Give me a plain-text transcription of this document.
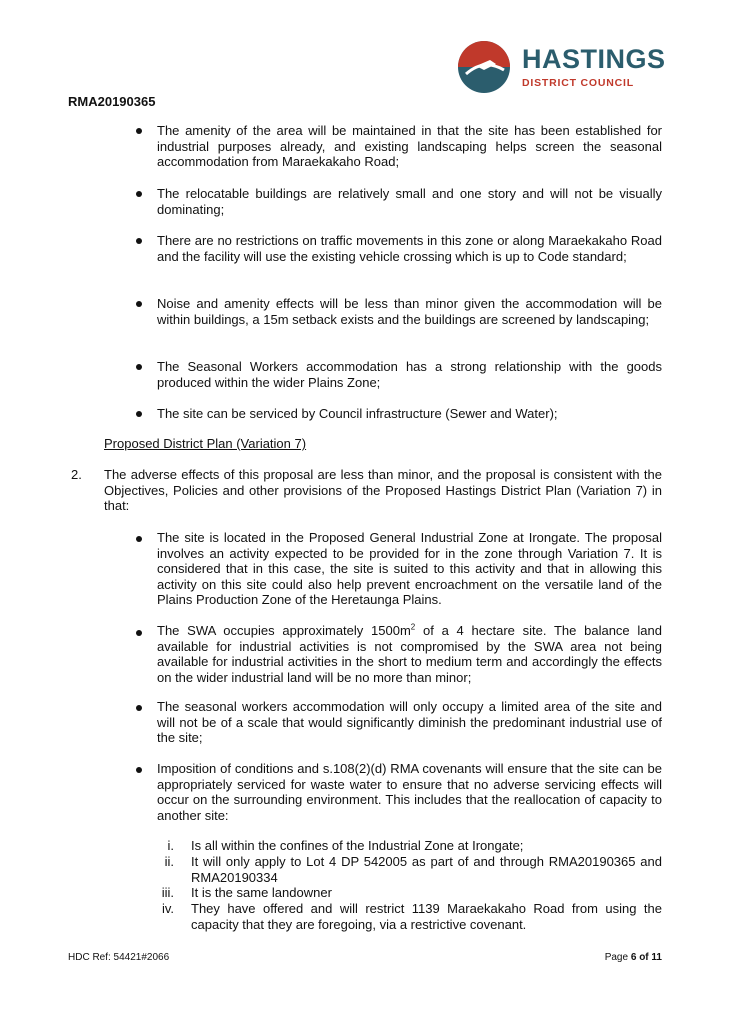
HASTINGS
DISTRICT COUNCIL
RMA20190365
The amenity of the area will be maintained in that the site has been established for industrial purposes already, and existing landscaping helps screen the seasonal accommodation from Maraekakaho Road;
The relocatable buildings are relatively small and one story and will not be visually dominating;
There are no restrictions on traffic movements in this zone or along Maraekakaho Road and the facility will use the existing vehicle crossing which is up to Code standard;
Noise and amenity effects will be less than minor given the accommodation will be within buildings, a 15m setback exists and the buildings are screened by landscaping;
The Seasonal Workers accommodation has a strong relationship with the goods produced within the wider Plains Zone;
The site can be serviced by Council infrastructure (Sewer and Water);
Proposed District Plan (Variation 7)
2. The adverse effects of this proposal are less than minor, and the proposal is consistent with the Objectives, Policies and other provisions of the Proposed Hastings District Plan (Variation 7) in that:
The site is located in the Proposed General Industrial Zone at Irongate. The proposal involves an activity expected to be provided for in the zone through Variation 7. It is considered that in this case, the site is suited to this activity and that in allowing this activity on this site could also help prevent encroachment on the versatile land of the Plains Production Zone of the Heretaunga Plains.
The SWA occupies approximately $1500m^2$ of a 4 hectare site. The balance land available for industrial activities is not compromised by the SWA area not being available for industrial activities in the short to medium term and accordingly the effects on the wider industrial land will be no more than minor;
The seasonal workers accommodation will only occupy a limited area of the site and will not be of a scale that would significantly diminish the predominant industrial use of the site;
Imposition of conditions and s.108(2)(d) RMA covenants will ensure that the site can be appropriately serviced for waste water to ensure that no adverse servicing effects will occur on the surrounding environment. This includes that the reallocation of capacity to another site:
i. Is all within the confines of the Industrial Zone at Irongate;
ii. It will only apply to Lot 4 DP 542005 as part of and through RMA20190365 and RMA20190334
iii. It is the same landowner
iv. They have offered and will restrict 1139 Maraekakaho Road from using the capacity that they are foregoing, via a restrictive covenant.
HDC Ref: 54421#2066	Page 6 of 11
